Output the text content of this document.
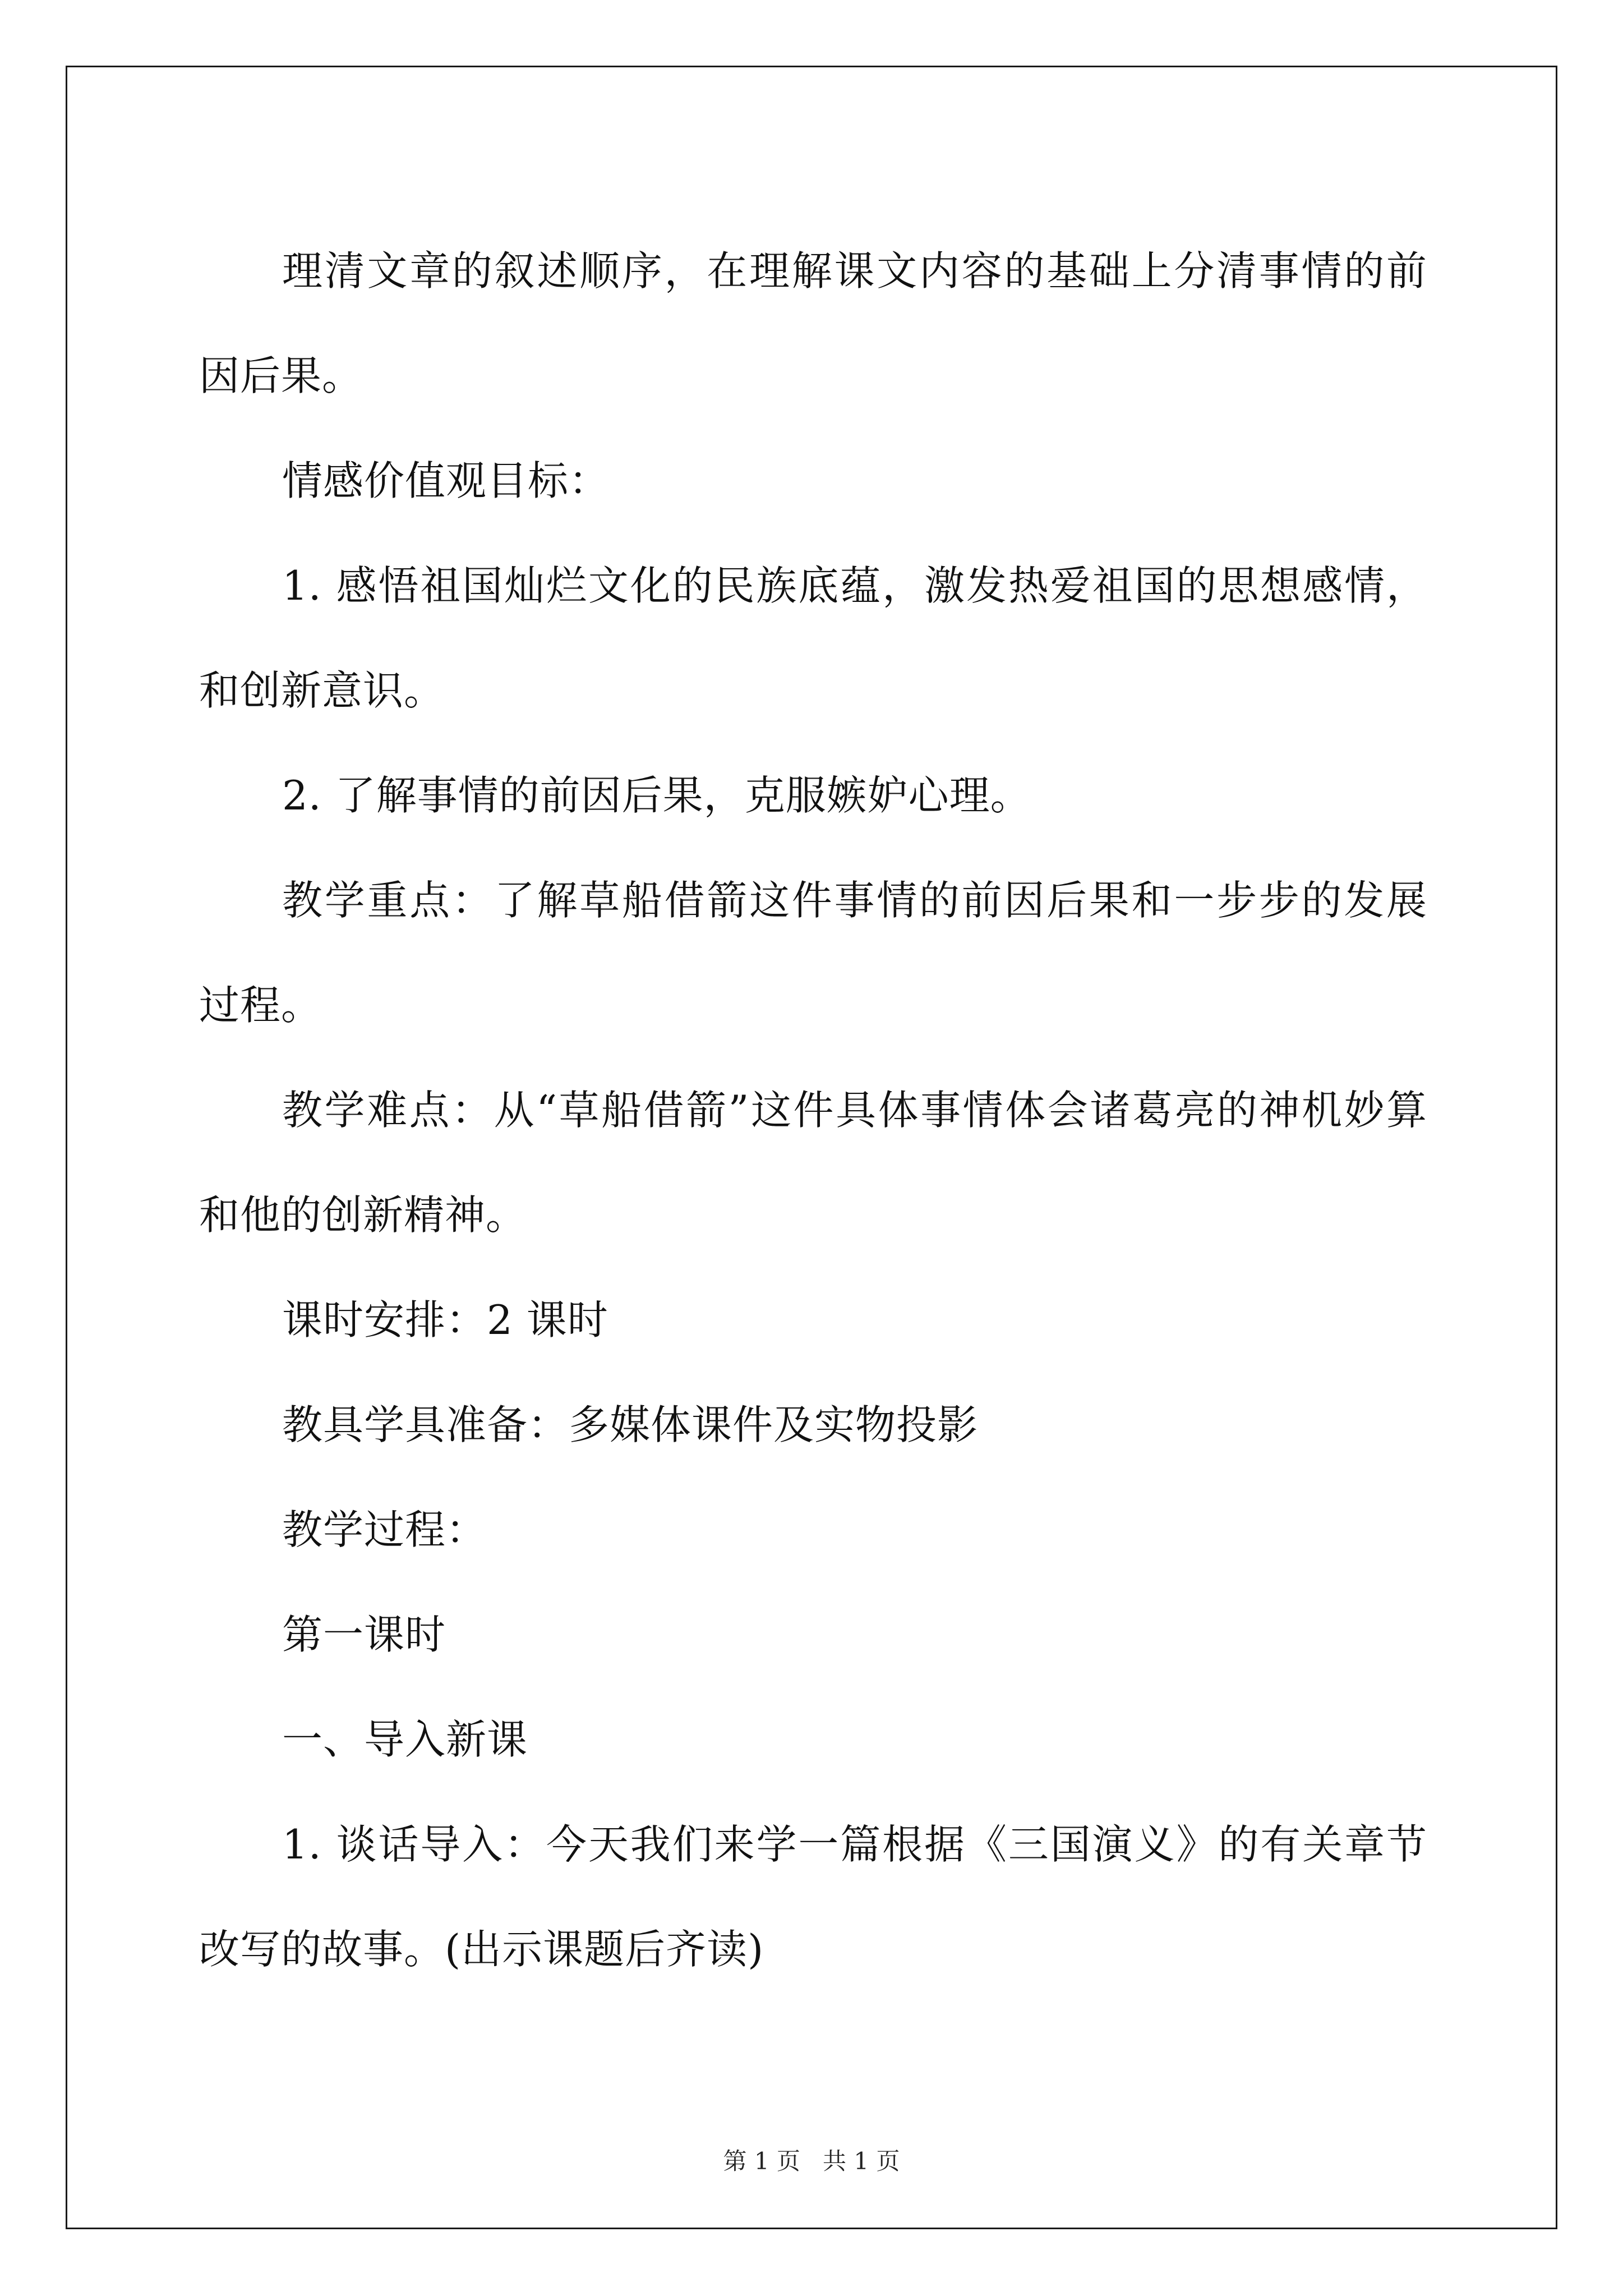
理清文章的叙述顺序，在理解课文内容的基础上分清事情的前因后果。

情感价值观目标：

1. 感悟祖国灿烂文化的民族底蕴，激发热爱祖国的思想感情，和创新意识。

2. 了解事情的前因后果，克服嫉妒心理。

教学重点：了解草船借箭这件事情的前因后果和一步步的发展过程。

教学难点：从“草船借箭”这件具体事情体会诸葛亮的神机妙算和他的创新精神。

课时安排：2 课时

教具学具准备：多媒体课件及实物投影

教学过程：

第一课时

一、导入新课

1. 谈话导入：今天我们来学一篇根据《三国演义》的有关章节改写的故事。(出示课题后齐读)

第 1 页   共 1 页
